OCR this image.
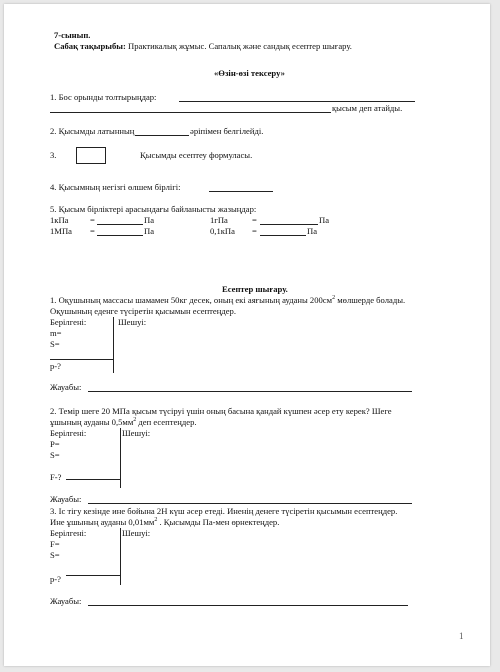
7-сынып.
Сабақ тақырыбы: Практикалық жұмыс. Сапалық және сандық есептер шығару.
«Өзін-өзі тексеру»
1. Бос орынды толтырыңдар:
қысым деп атайды.
2. Қысымды латынның	әріпімен белгілейді.
3.	Қысымды есептеу формуласы.
4. Қысымның негізгі өлшем бірлігі:
5. Қысым бірліктері арасындағы байланысты жазыңдар:
1кПа	=	Па	1гПа	=	Па
1МПа =	Па	0,1кПа =	Па
Есептер шығару.
1. Оқушының массасы шамамен 50кг десек, оның екі аяғының ауданы $200см^2$ мөлшерде болады.
Оқушының еденге түсіретін қысымын есептеңдер.
Берілгені:	Шешуі:
m=
S=
p-?
Жауабы:
2. Темір шеге 20 МПа қысым түсіруі үшін оның басына қандай күшпен әсер ету керек? Шеге
ұшының ауданы $0,5мм^2$ деп есептеңдер.
Берілгені:	Шешуі:
P=
S=
F-?
Жауабы:
3. Іс тігу кезінде ине бойына 2Н күш әсер етеді. Иненің денеге түсіретін қысымын есептеңдер.
Ине ұшының ауданы $0,01мм^2$ . Қысымды Па-мен өрнектеңдер.
Берілгені:	Шешуі:
F=
S=
p-?
Жауабы:
1
